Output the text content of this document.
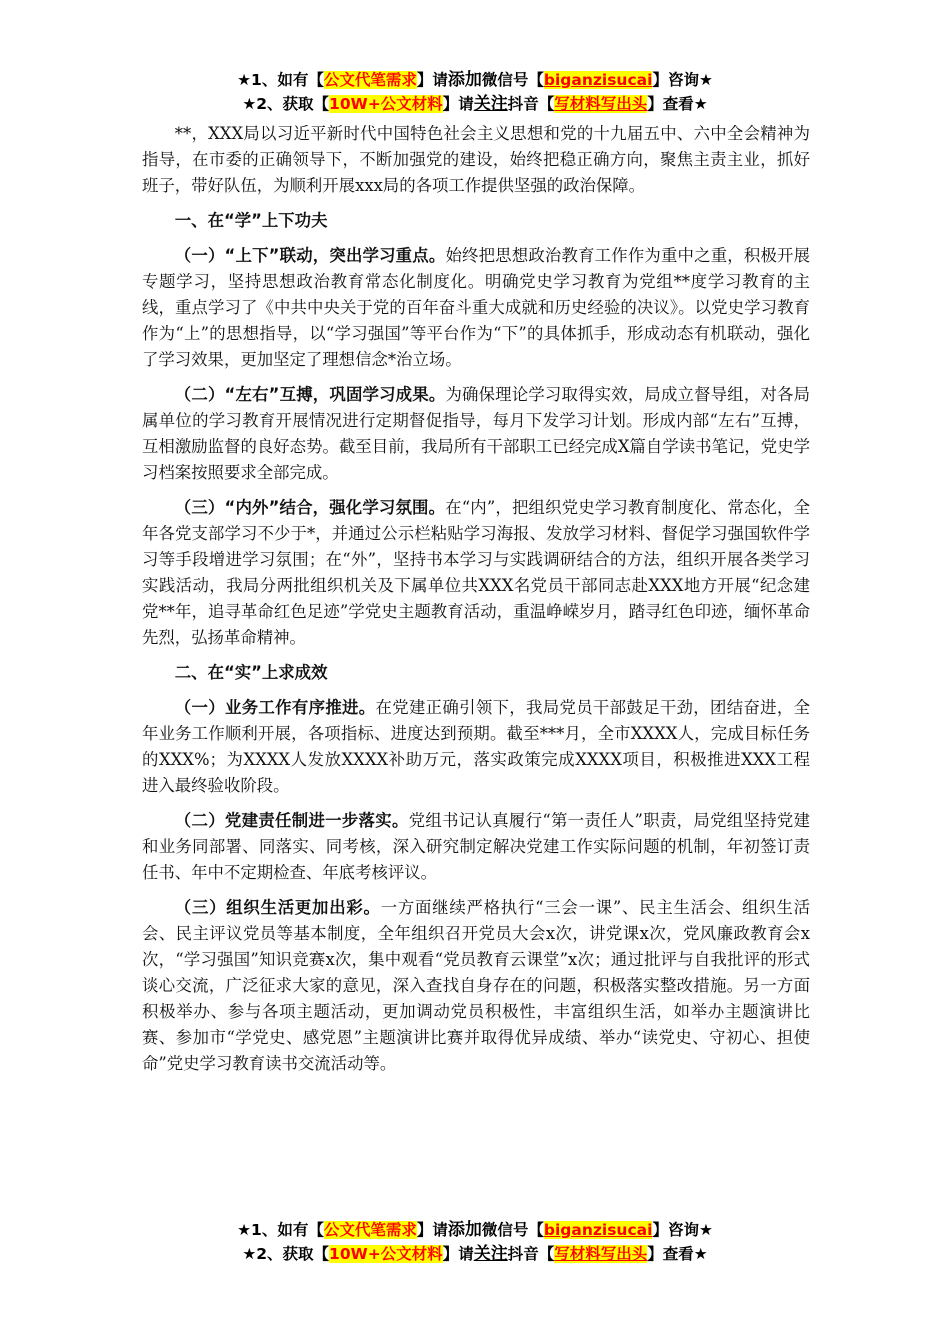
★1、如有【公文代笔需求】请添加微信号【biganzisucai】咨询★
★2、获取【10W+公文材料】请关注抖音【写材料写出头】查看★

**，XXX局以习近平新时代中国特色社会主义思想和党的十九届五中、六中全会精神为指导，在市委的正确领导下，不断加强党的建设，始终把稳正确方向，聚焦主责主业，抓好班子，带好队伍，为顺利开展xxx局的各项工作提供坚强的政治保障。

一、在“学”上下功夫

（一）“上下”联动，突出学习重点。始终把思想政治教育工作作为重中之重，积极开展专题学习，坚持思想政治教育常态化制度化。明确党史学习教育为党组**度学习教育的主线，重点学习了《中共中央关于党的百年奋斗重大成就和历史经验的决议》。以党史学习教育作为“上”的思想指导，以“学习强国”等平台作为“下”的具体抓手，形成动态有机联动，强化了学习效果，更加坚定了理想信念*治立场。

（二）“左右”互搏，巩固学习成果。为确保理论学习取得实效，局成立督导组，对各局属单位的学习教育开展情况进行定期督促指导，每月下发学习计划。形成内部“左右”互搏，互相激励监督的良好态势。截至目前，我局所有干部职工已经完成X篇自学读书笔记，党史学习档案按照要求全部完成。

（三）“内外”结合，强化学习氛围。在“内”，把组织党史学习教育制度化、常态化，全年各党支部学习不少于*，并通过公示栏粘贴学习海报、发放学习材料、督促学习强国软件学习等手段增进学习氛围；在“外”，坚持书本学习与实践调研结合的方法，组织开展各类学习实践活动，我局分两批组织机关及下属单位共XXX名党员干部同志赴XXX地方开展“纪念建党**年，追寻革命红色足迹”学党史主题教育活动，重温峥嵘岁月，踏寻红色印迹，缅怀革命先烈，弘扬革命精神。

二、在“实”上求成效

（一）业务工作有序推进。在党建正确引领下，我局党员干部鼓足干劲，团结奋进，全年业务工作顺利开展，各项指标、进度达到预期。截至***月，全市XXXX人，完成目标任务的XXX%；为XXXX人发放XXXX补助万元，落实政策完成XXXX项目，积极推进XXX工程进入最终验收阶段。

（二）党建责任制进一步落实。党组书记认真履行“第一责任人”职责，局党组坚持党建和业务同部署、同落实、同考核，深入研究制定解决党建工作实际问题的机制，年初签订责任书、年中不定期检查、年底考核评议。

（三）组织生活更加出彩。一方面继续严格执行“三会一课”、民主生活会、组织生活会、民主评议党员等基本制度，全年组织召开党员大会x次，讲党课x次，党风廉政教育会x次，“学习强国”知识竞赛x次，集中观看“党员教育云课堂”x次；通过批评与自我批评的形式谈心交流，广泛征求大家的意见，深入查找自身存在的问题，积极落实整改措施。另一方面积极举办、参与各项主题活动，更加调动党员积极性，丰富组织生活，如举办主题演讲比赛、参加市“学党史、感党恩”主题演讲比赛并取得优异成绩、举办“读党史、守初心、担使命”党史学习教育读书交流活动等。

★1、如有【公文代笔需求】请添加微信号【biganzisucai】咨询★
★2、获取【10W+公文材料】请关注抖音【写材料写出头】查看★
